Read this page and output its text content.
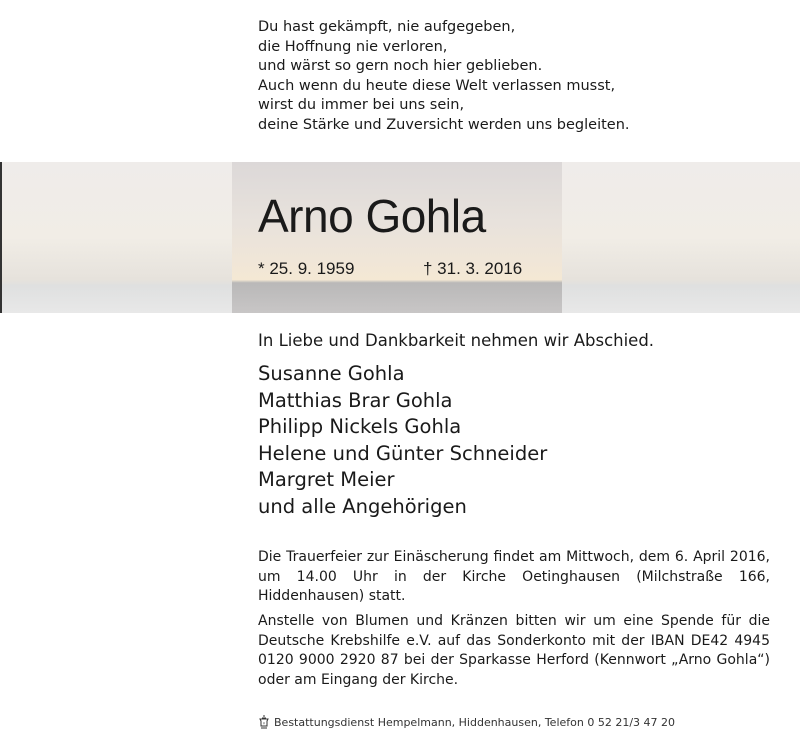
Du hast gekämpft, nie aufgegeben,
die Hoffnung nie verloren,
und wärst so gern noch hier geblieben.
Auch wenn du heute diese Welt verlassen musst,
wirst du immer bei uns sein,
deine Stärke und Zuversicht werden uns begleiten.
Arno Gohla
* 25. 9. 1959	† 31. 3. 2016
In Liebe und Dankbarkeit nehmen wir Abschied.
Susanne Gohla
Matthias Brar Gohla
Philipp Nickels Gohla
Helene und Günter Schneider
Margret Meier
und alle Angehörigen
Die Trauerfeier zur Einäscherung findet am Mittwoch, dem 6. April 2016, um 14.00 Uhr in der Kirche Oetinghausen (Milchstraße 166, Hiddenhausen) statt.
Anstelle von Blumen und Kränzen bitten wir um eine Spende für die Deutsche Krebshilfe e.V. auf das Sonderkonto mit der IBAN DE42 4945 0120 9000 2920 87 bei der Sparkasse Herford (Kennwort „Arno Gohla“) oder am Eingang der Kirche.
Bestattungsdienst Hempelmann, Hiddenhausen, Telefon 0 52 21/3 47 20
